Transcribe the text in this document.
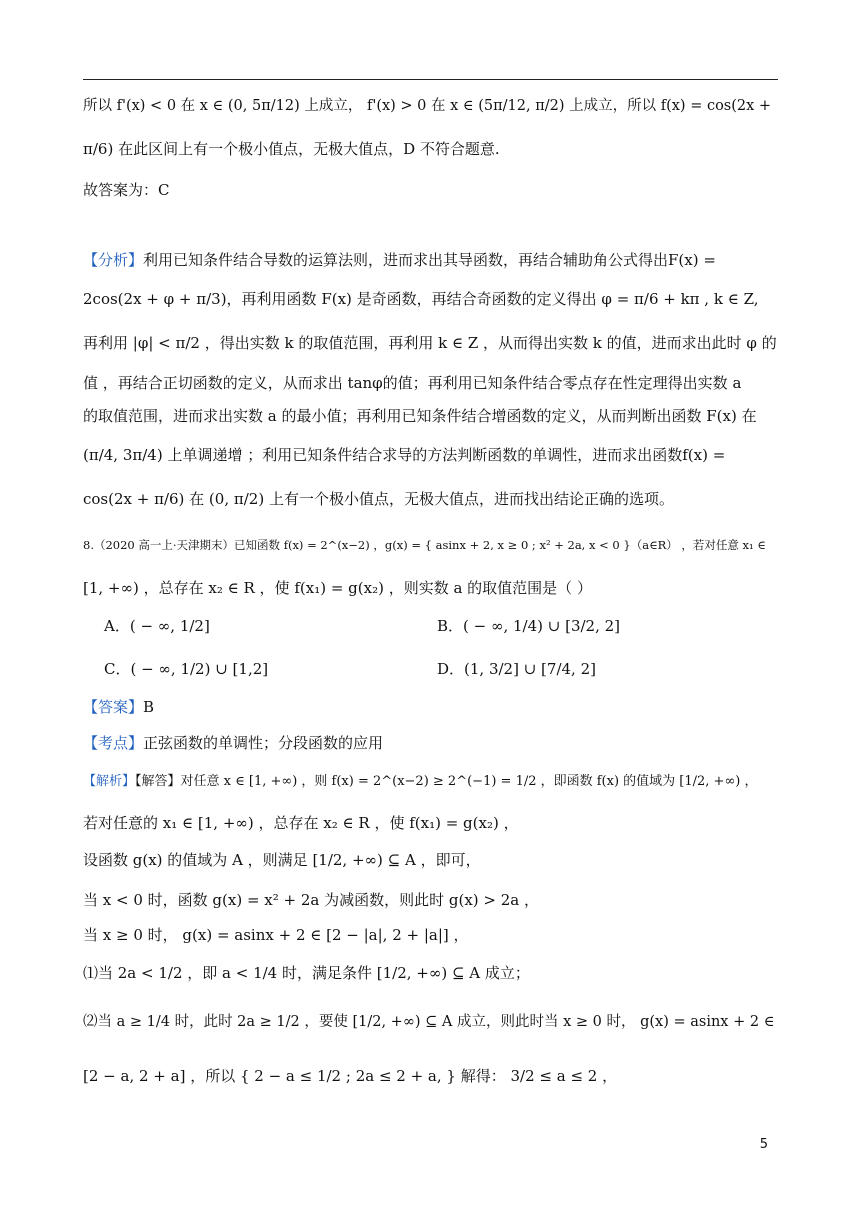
所以 f'(x) < 0 在 x ∈ (0, 5π/12) 上成立， f'(x) > 0 在 x ∈ (5π/12, π/2) 上成立，所以 f(x) = cos(2x +
π/6) 在此区间上有一个极小值点，无极大值点，D 不符合题意.
故答案为：C
【分析】利用已知条件结合导数的运算法则，进而求出其导函数，再结合辅助角公式得出F(x) =
2cos(2x + φ + π/3)，再利用函数 F(x) 是奇函数，再结合奇函数的定义得出 φ = π/6 + kπ , k ∈ Z,
再利用 |φ| < π/2 ，得出实数 k 的取值范围，再利用 k ∈ Z ，从而得出实数 k 的值，进而求出此时 φ 的
值 ，再结合正切函数的定义，从而求出 tanφ的值；再利用已知条件结合零点存在性定理得出实数 a
的取值范围，进而求出实数 a 的最小值；再利用已知条件结合增函数的定义，从而判断出函数 F(x) 在
(π/4, 3π/4) 上单调递增 ；利用已知条件结合求导的方法判断函数的单调性，进而求出函数f(x) =
cos(2x + π/6) 在 (0, π/2) 上有一个极小值点，无极大值点，进而找出结论正确的选项。
8.（2020 高一上·天津期末）已知函数 f(x) = 2^(x−2) ，g(x) = { asinx + 2, x ≥ 0 ; x² + 2a, x < 0 }（a∈R） ，若对任意 x₁ ∈
[1, +∞) ，总存在 x₂ ∈ R ，使 f(x₁) = g(x₂) ，则实数 a 的取值范围是（ ）
A．( − ∞, 1/2]	B．( − ∞, 1/4) ∪ [3/2, 2]
C．( − ∞, 1/2) ∪ [1,2]	D．(1, 3/2] ∪ [7/4, 2]
【答案】B
【考点】正弦函数的单调性；分段函数的应用
【解析】【解答】对任意 x ∈ [1, +∞) ，则 f(x) = 2^(x−2) ≥ 2^(−1) = 1/2 ，即函数 f(x) 的值域为 [1/2, +∞) ，
若对任意的 x₁ ∈ [1, +∞) ，总存在 x₂ ∈ R ，使 f(x₁) = g(x₂) ，
设函数 g(x) 的值域为 A ，则满足 [1/2, +∞) ⊆ A ，即可，
当 x < 0 时，函数 g(x) = x² + 2a 为减函数，则此时 g(x) > 2a ，
当 x ≥ 0 时， g(x) = asinx + 2 ∈ [2 − |a|, 2 + |a|] ，
⑴当 2a < 1/2 ，即 a < 1/4 时，满足条件 [1/2, +∞) ⊆ A 成立；
⑵当 a ≥ 1/4 时，此时 2a ≥ 1/2 ，要使 [1/2, +∞) ⊆ A 成立，则此时当 x ≥ 0 时， g(x) = asinx + 2 ∈
[2 − a, 2 + a] ，所以 { 2 − a ≤ 1/2 ; 2a ≤ 2 + a, } 解得： 3/2 ≤ a ≤ 2 ，
5
